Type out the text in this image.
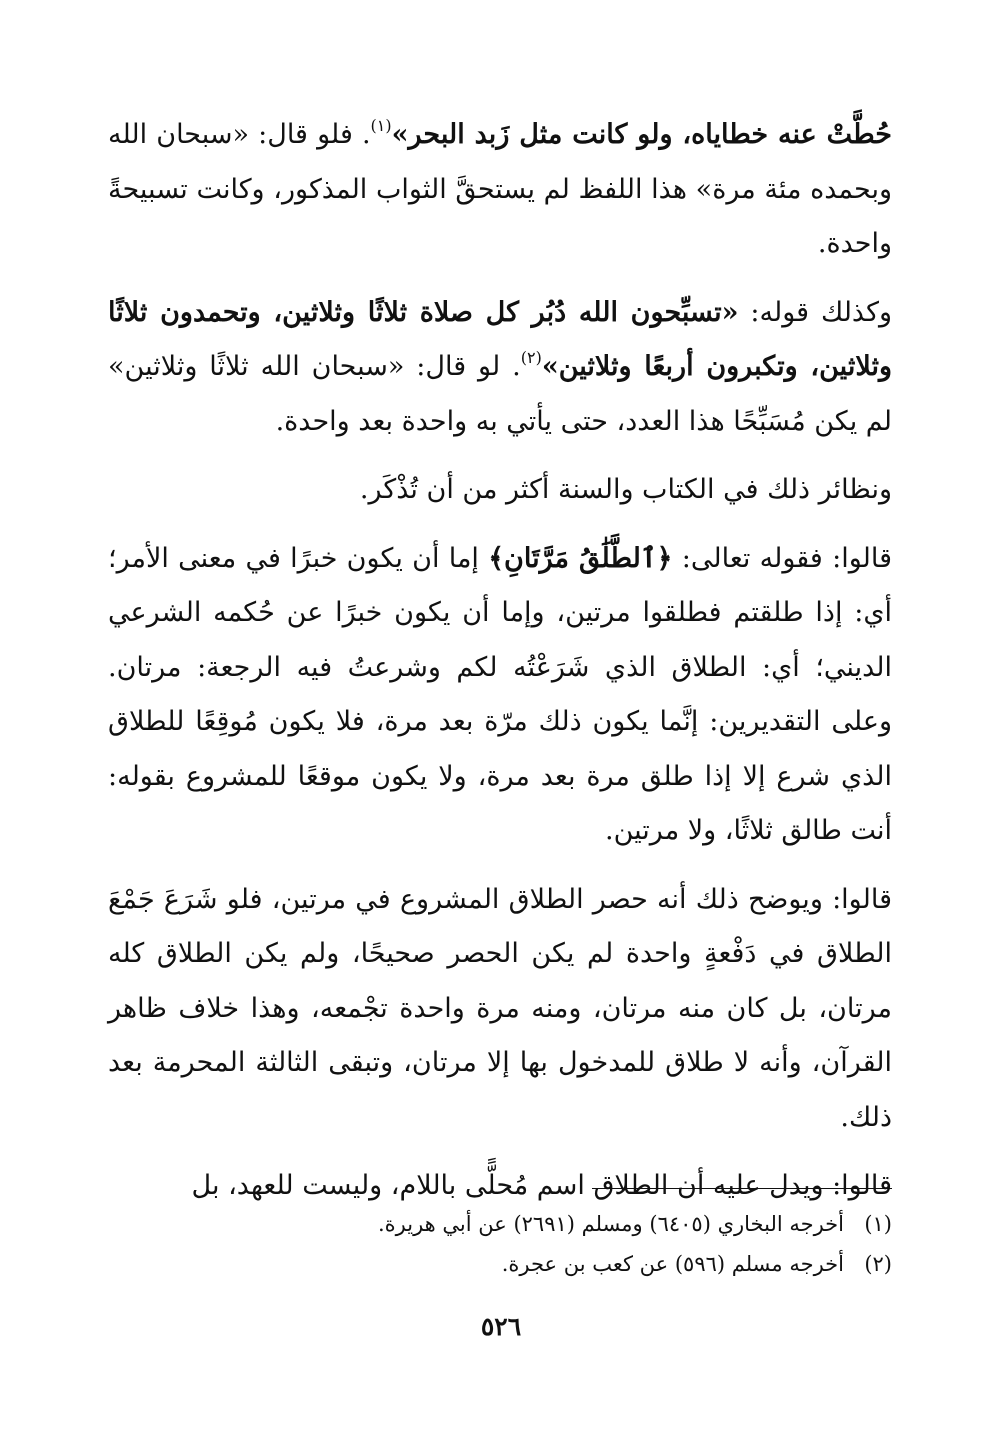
حُطَّتْ عنه خطاياه، ولو كانت مثل زَبد البحر»$^{(١)}$. فلو قال: «سبحان الله وبحمده مئة مرة» هذا اللفظ لم يستحقَّ الثواب المذكور، وكانت تسبيحةً واحدة.

وكذلك قوله: «تسبِّحون الله دُبُر كل صلاة ثلاثًا وثلاثين، وتحمدون ثلاثًا وثلاثين، وتكبرون أربعًا وثلاثين»$^{(٢)}$. لو قال: «سبحان الله ثلاثًا وثلاثين» لم يكن مُسَبِّحًا هذا العدد، حتى يأتي به واحدة بعد واحدة.

ونظائر ذلك في الكتاب والسنة أكثر من أن تُذْكَر.

قالوا: فقوله تعالى: ﴿ٱلطَّلَٰقُ مَرَّتَانِ﴾ إما أن يكون خبرًا في معنى الأمر؛ أي: إذا طلقتم فطلقوا مرتين، وإما أن يكون خبرًا عن حُكمه الشرعي الديني؛ أي: الطلاق الذي شَرَعْتُه لكم وشرعتُ فيه الرجعة: مرتان. وعلى التقديرين: إنَّما يكون ذلك مرّة بعد مرة، فلا يكون مُوقِعًا للطلاق الذي شرع إلا إذا طلق مرة بعد مرة، ولا يكون موقعًا للمشروع بقوله: أنت طالق ثلاثًا، ولا مرتين.

قالوا: ويوضح ذلك أنه حصر الطلاق المشروع في مرتين، فلو شَرَعَ جَمْعَ الطلاق في دَفْعةٍ واحدة لم يكن الحصر صحيحًا، ولم يكن الطلاق كله مرتان، بل كان منه مرتان، ومنه مرة واحدة تجْمعه، وهذا خلاف ظاهر القرآن، وأنه لا طلاق للمدخول بها إلا مرتان، وتبقى الثالثة المحرمة بعد ذلك.

قالوا: ويدل عليه أن الطلاق اسم مُحلًّى باللام، وليست للعهد، بل

(١)أخرجه البخاري (٦٤٠٥) ومسلم (٢٦٩١) عن أبي هريرة.

(٢)أخرجه مسلم (٥٩٦) عن كعب بن عجرة.

٥٢٦
